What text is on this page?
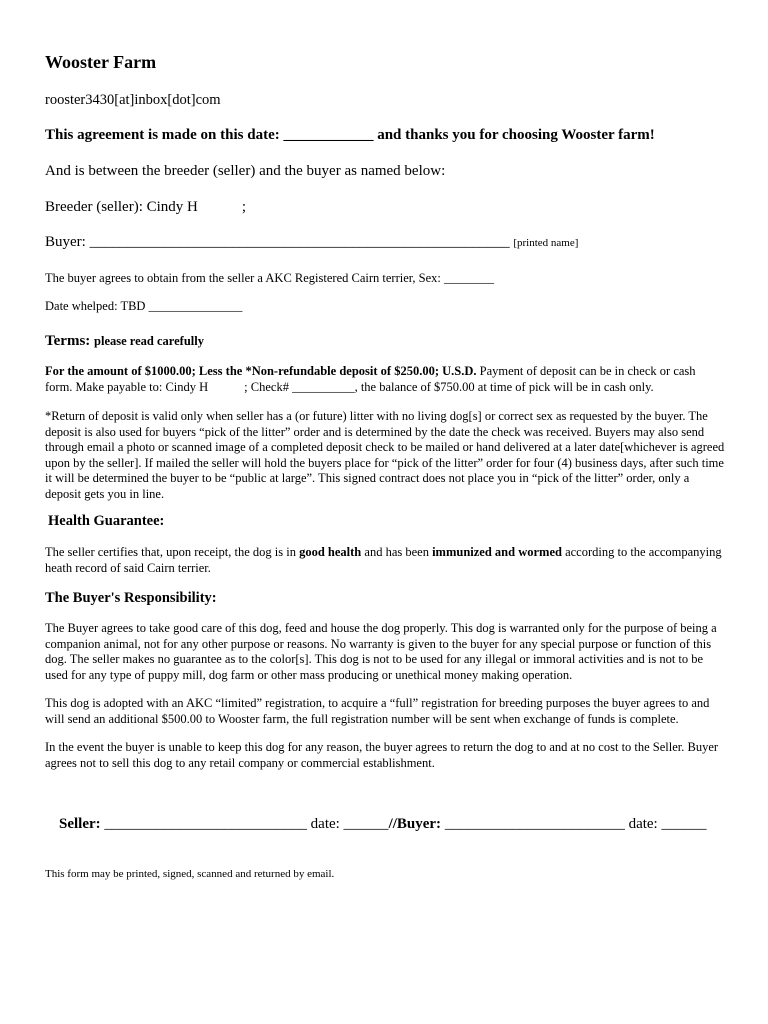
Wooster Farm
rooster3430[at]inbox[dot]com
This agreement is made on this date: ____________ and thanks you for choosing Wooster farm!
And is between the breeder (seller) and the buyer as named below:
Breeder (seller): Cindy H	;
Buyer: ________________________________________________________ [printed name]
The buyer agrees to obtain from the seller a AKC Registered Cairn terrier, Sex: ________
Date whelped: TBD _______________
Terms: please read carefully
For the amount of $1000.00; Less the *Non-refundable deposit of $250.00; U.S.D. Payment of deposit can be in check or cash form. Make payable to: Cindy H	; Check# __________, the balance of $750.00 at time of pick will be in cash only.
*Return of deposit is valid only when seller has a (or future) litter with no living dog[s] or correct sex as requested by the buyer. The deposit is also used for buyers “pick of the litter” order and is determined by the date the check was received. Buyers may also send through email a photo or scanned image of a completed deposit check to be mailed or hand delivered at a later date[whichever is agreed upon by the seller]. If mailed the seller will hold the buyers place for “pick of the litter” order for four (4) business days, after such time it will be determined the buyer to be “public at large”. This signed contract does not place you in “pick of the litter” order, only a deposit gets you in line.
Health Guarantee:
The seller certifies that, upon receipt, the dog is in good health and has been immunized and wormed according to the accompanying heath record of said Cairn terrier.
The Buyer's Responsibility:
The Buyer agrees to take good care of this dog, feed and house the dog properly. This dog is warranted only for the purpose of being a companion animal, not for any other purpose or reasons. No warranty is given to the buyer for any special purpose or function of this dog. The seller makes no guarantee as to the color[s]. This dog is not to be used for any illegal or immoral activities and is not to be used for any type of puppy mill, dog farm or other mass producing or unethical money making operation.
This dog is adopted with an AKC “limited” registration, to acquire a “full” registration for breeding purposes the buyer agrees to and will send an additional $500.00 to Wooster farm, the full registration number will be sent when exchange of funds is complete.
In the event the buyer is unable to keep this dog for any reason, the buyer agrees to return the dog to and at no cost to the Seller. Buyer agrees not to sell this dog to any retail company or commercial establishment.
Seller: ___________________________ date: ______//Buyer: ________________________ date: ______
This form may be printed, signed, scanned and returned by email.
